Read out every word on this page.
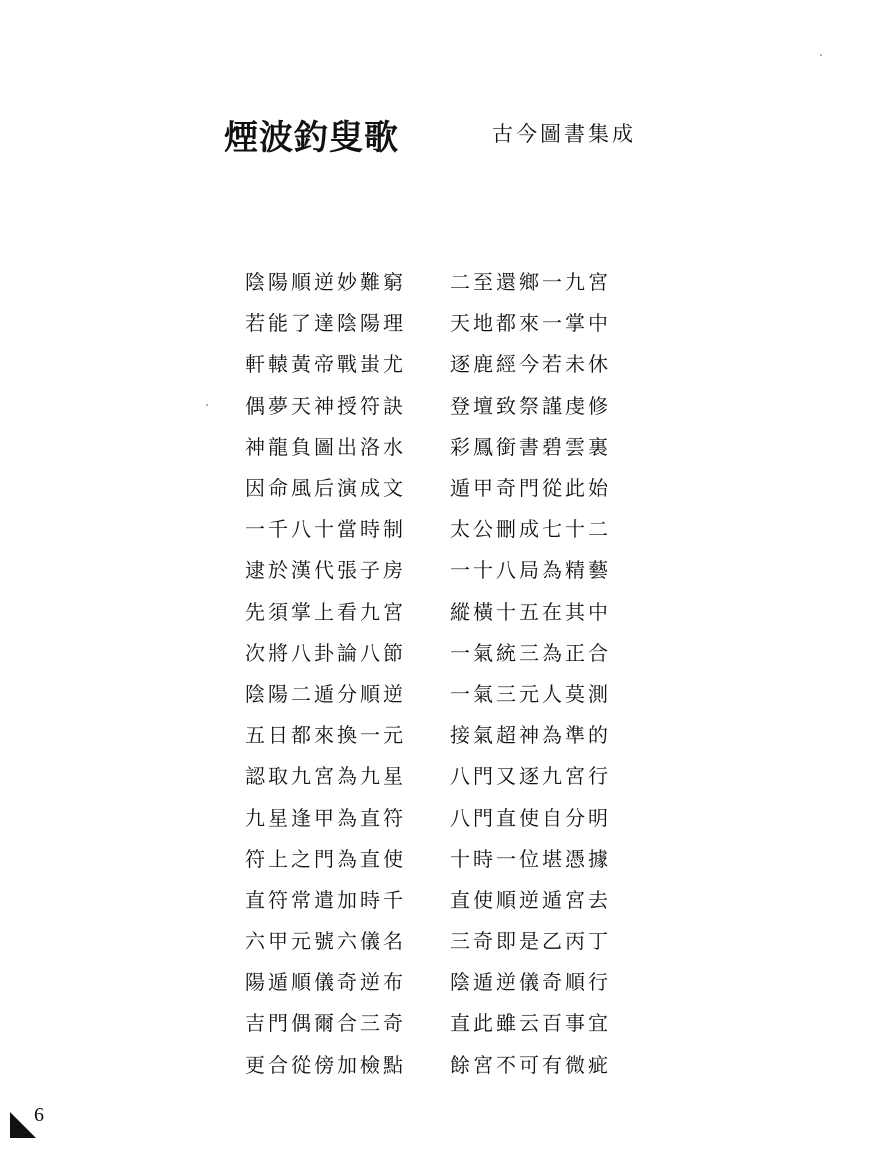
煙波釣叟歌	古今圖書集成
陰陽順逆妙難窮	二至還鄉一九宮
若能了達陰陽理	天地都來一掌中
軒轅黃帝戰蚩尤	逐鹿經今若未休
偶夢天神授符訣	登壇致祭謹虔修
神龍負圖出洛水	彩鳳銜書碧雲裏
因命風后演成文	遁甲奇門從此始
一千八十當時制	太公刪成七十二
逮於漢代張子房	一十八局為精藝
先須掌上看九宮	縱橫十五在其中
次將八卦論八節	一氣統三為正合
陰陽二遁分順逆	一氣三元人莫測
五日都來換一元	接氣超神為準的
認取九宮為九星	八門又逐九宮行
九星逢甲為直符	八門直使自分明
符上之門為直使	十時一位堪憑據
直符常遣加時千	直使順逆遁宮去
六甲元號六儀名	三奇即是乙丙丁
陽遁順儀奇逆布	陰遁逆儀奇順行
吉門偶爾合三奇	直此雖云百事宜
更合從傍加檢點	餘宮不可有微疵
6
